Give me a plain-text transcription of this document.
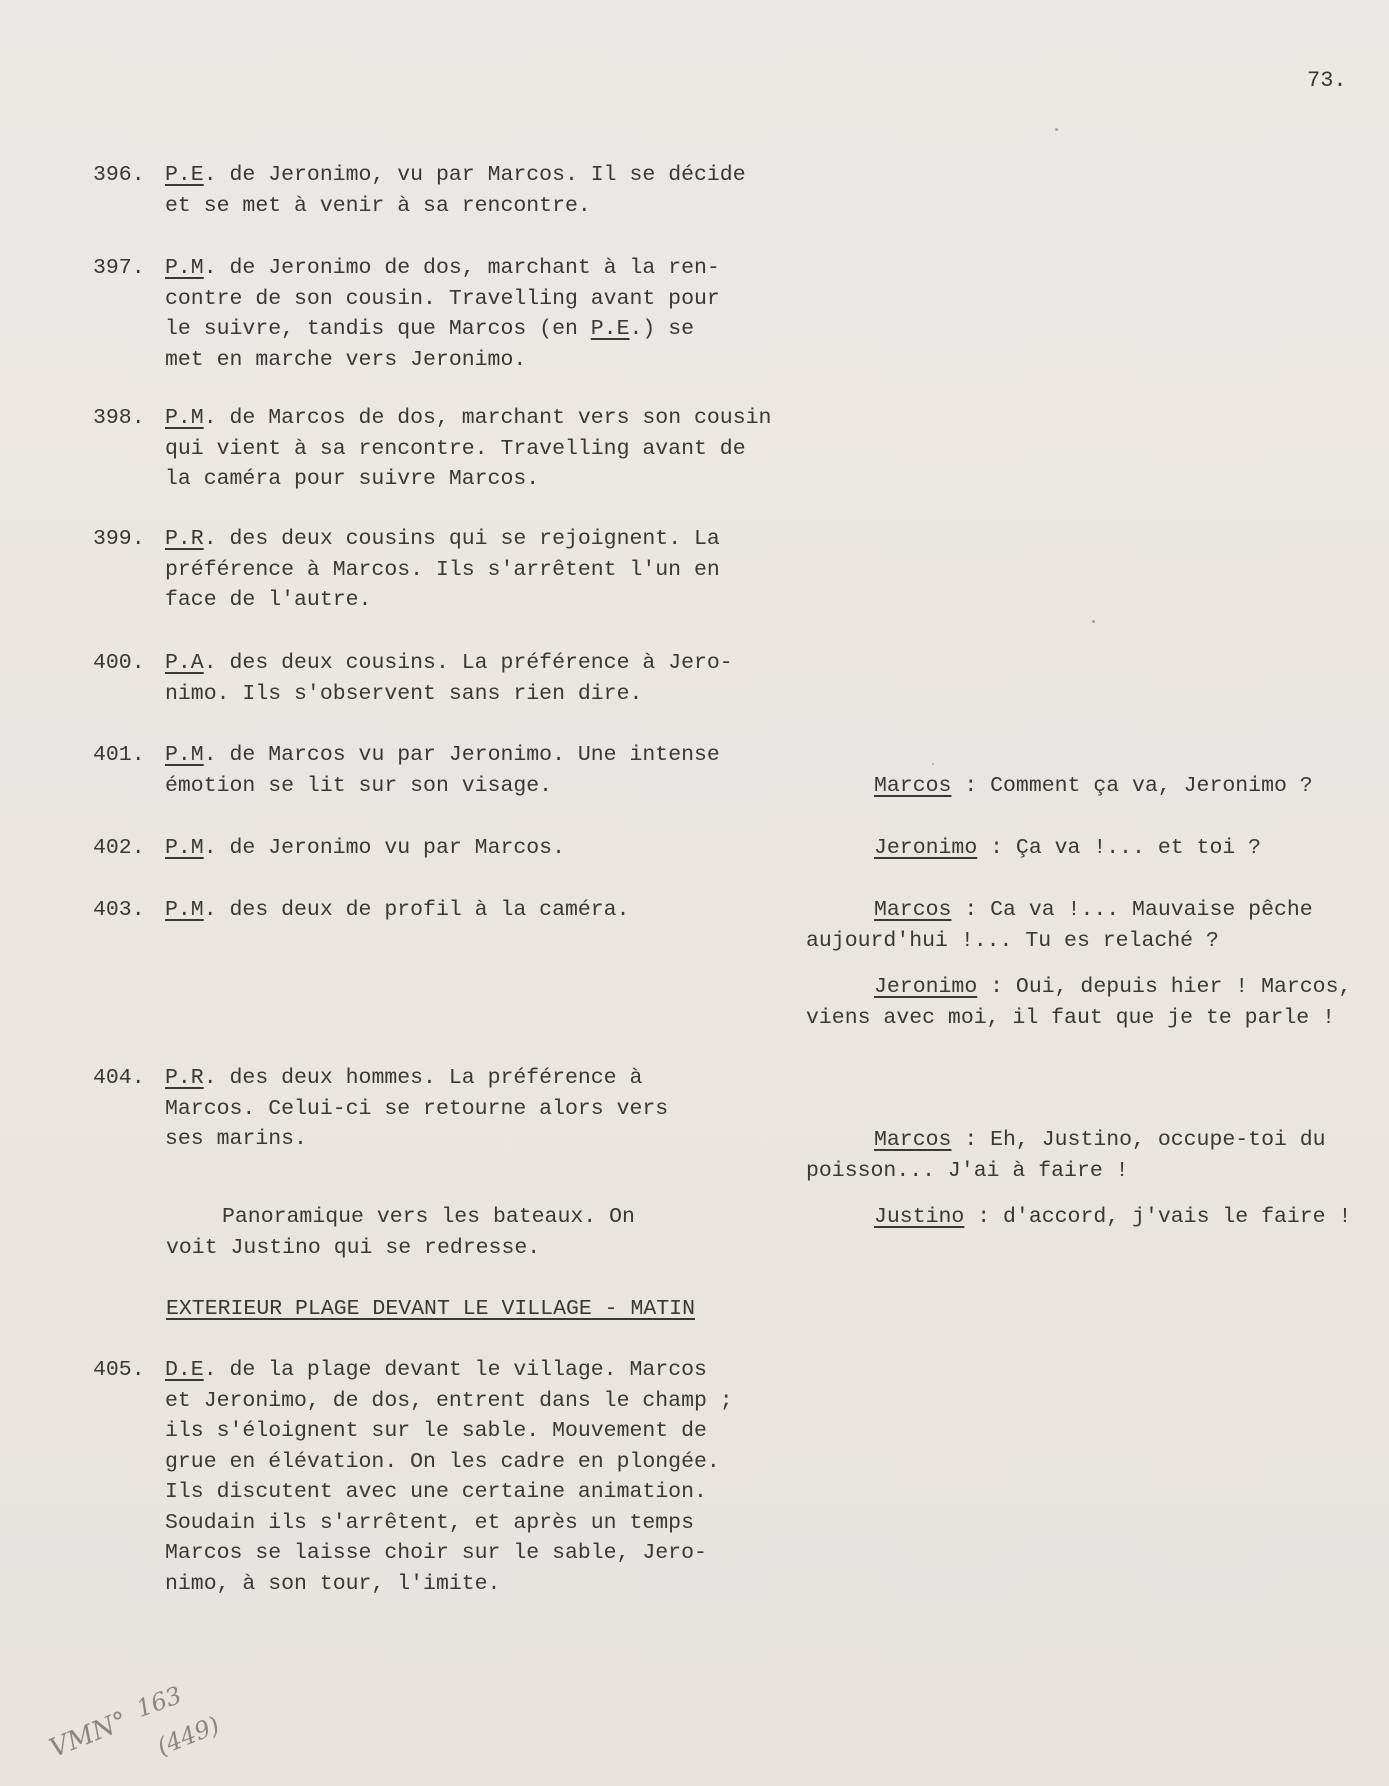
73.
396. P.E. de Jeronimo, vu par Marcos. Il se décide
et se met à venir à sa rencontre.
397. P.M. de Jeronimo de dos, marchant à la ren-
contre de son cousin. Travelling avant pour
le suivre, tandis que Marcos (en P.E.) se
met en marche vers Jeronimo.
398. P.M. de Marcos de dos, marchant vers son cousin
qui vient à sa rencontre. Travelling avant de
la caméra pour suivre Marcos.
399. P.R. des deux cousins qui se rejoignent. La
préférence à Marcos. Ils s'arrêtent l'un en
face de l'autre.
400. P.A. des deux cousins. La préférence à Jero-
nimo. Ils s'observent sans rien dire.
401. P.M. de Marcos vu par Jeronimo. Une intense
émotion se lit sur son visage.
402. P.M. de Jeronimo vu par Marcos.
403. P.M. des deux de profil à la caméra.
404. P.R. des deux hommes. La préférence à
Marcos. Celui-ci se retourne alors vers
ses marins.
Panoramique vers les bateaux. On
voit Justino qui se redresse.
EXTERIEUR PLAGE DEVANT LE VILLAGE - MATIN
405. D.E. de la plage devant le village. Marcos
et Jeronimo, de dos, entrent dans le champ ;
ils s'éloignent sur le sable. Mouvement de
grue en élévation. On les cadre en plongée.
Ils discutent avec une certaine animation.
Soudain ils s'arrêtent, et après un temps
Marcos se laisse choir sur le sable, Jero-
nimo, à son tour, l'imite.
Marcos : Comment ça va, Jeronimo ?
Jeronimo : Ça va !... et toi ?
Marcos : Ca va !... Mauvaise pêche
aujourd'hui !... Tu es relaché ?
Jeronimo : Oui, depuis hier ! Marcos,
viens avec moi, il faut que je te parle !
Marcos : Eh, Justino, occupe-toi du
poisson... J'ai à faire !
Justino : d'accord, j'vais le faire !
VMN°
163
(449)
